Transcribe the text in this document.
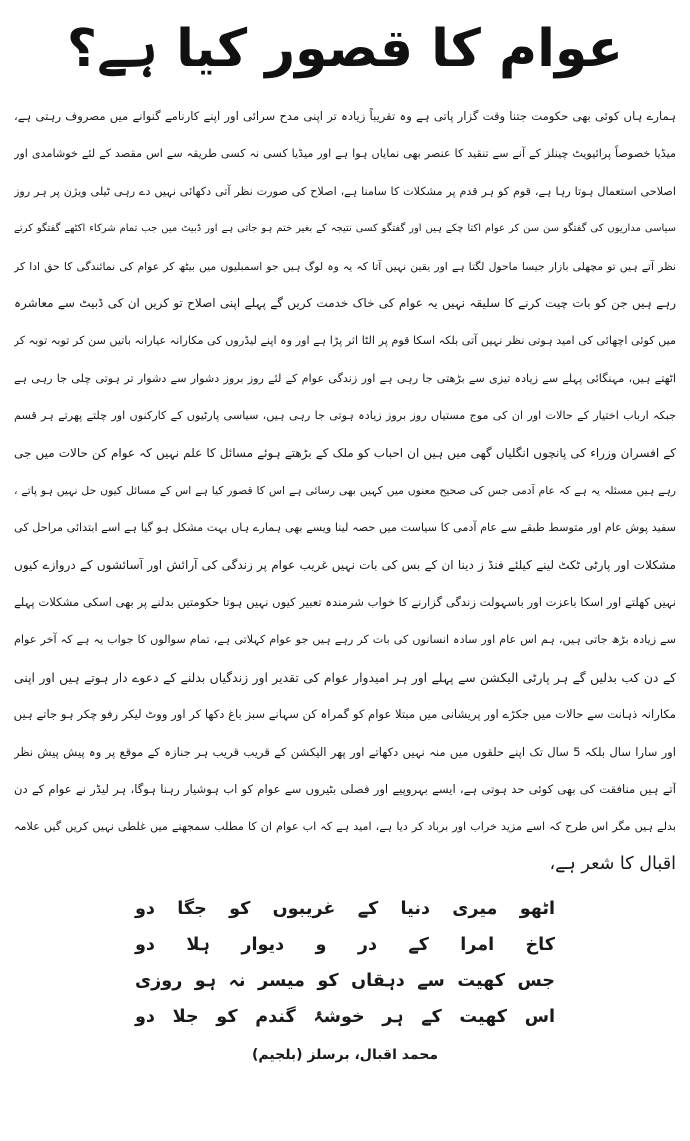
عوام کا قصور کیا ہے؟
ہمارے ہاں کوئی بھی حکومت جتنا وقت گزار پاتی ہے وہ تقریباً زیادہ تر اپنی مدح سرائی اور اپنے کارنامے گنوانے میں مصروف رہتی ہے،
میڈیا خصوصاً پرائیویٹ چینلز کے آنے سے تنقید کا عنصر بھی نمایاں ہوا ہے اور میڈیا کسی نہ کسی طریقہ سے اس مقصد کے لئے خوشامدی اور
اصلاحی استعمال ہوتا رہا ہے، قوم کو ہر قدم پر مشکلات کا سامنا ہے، اصلاح کی صورت نظر آتی دکھائی نہیں دے رہی ٹیلی ویژن پر ہر روز
سیاسی مداریوں کی گفتگو سن سن کر عوام اکتا چکے ہیں اور گفتگو کسی نتیجہ کے بغیر ختم ہو جاتی ہے اور ڈبیٹ میں جب تمام شرکاء اکٹھے گفتگو کرتے
نظر آتے ہیں تو مچھلی بازار جیسا ماحول لگتا ہے اور یقین نہیں آتا کہ یہ وہ لوگ ہیں جو اسمبلیوں میں بیٹھ کر عوام کی نمائندگی کا حق ادا کر
رہے ہیں جن کو بات چیت کرنے کا سلیقہ نہیں یہ عوام کی خاک خدمت کریں گے پہلے اپنی اصلاح تو کریں ان کی ڈبیٹ سے معاشرہ
میں کوئی اچھائی کی امید ہوتی نظر نہیں آتی بلکہ اسکا قوم پر الٹا اثر پڑا ہے اور وہ اپنے لیڈروں کی مکارانہ عیارانہ باتیں سن کر توبہ توبہ کر
اٹھتے ہیں، مہنگائی پہلے سے زیادہ تیزی سے بڑھتی جا رہی ہے اور زندگی عوام کے لئے روز بروز دشوار سے دشوار تر ہوتی چلی جا رہی ہے
جبکہ ارباب اختیار کے حالات اور ان کی موج مستیاں روز بروز زیادہ ہوتی جا رہی ہیں، سیاسی پارٹیوں کے کارکنوں اور چلتے پھرتے ہر قسم
کے افسران وزراء کی پانچوں انگلیاں گھی میں ہیں ان احباب کو ملک کے بڑھتے ہوئے مسائل کا علم نہیں کہ عوام کن حالات میں جی
رہے ہیں مسئلہ یہ ہے کہ عام آدمی جس کی صحیح معنوں میں کہیں بھی رسائی ہے اس کا قصور کیا ہے اس کے مسائل کیوں حل نہیں ہو پاتے ،
سفید پوش عام اور متوسط طبقے سے عام آدمی کا سیاست میں حصہ لینا ویسے بھی ہمارے ہاں بہت مشکل ہو گیا ہے اسے ابتدائی مراحل کی
مشکلات اور پارٹی ٹکٹ لینے کیلئے فنڈ ز دینا ان کے بس کی بات نہیں غریب عوام پر زندگی کی آرائش اور آسائشوں کے دروازے کیوں
نہیں کھلتے اور اسکا باعزت اور باسہولت زندگی گزارنے کا خواب شرمندہ تعبیر کیوں نہیں ہوتا حکومتیں بدلنے پر بھی اسکی مشکلات پہلے
سے زیادہ بڑھ جاتی ہیں، ہم اس عام اور سادہ انسانوں کی بات کر رہے ہیں جو عوام کہلاتی ہے، تمام سوالوں کا جواب یہ ہے کہ آخر عوام
کے دن کب بدلیں گے ہر پارٹی الیکشن سے پہلے اور ہر امیدوار عوام کی تقدیر اور زندگیاں بدلنے کے دعوے دار ہوتے ہیں اور اپنی
مکارانہ ذہانت سے حالات میں جکڑے اور پریشانی میں مبتلا عوام کو گمراہ کن سہانے سبز باغ دکھا کر اور ووٹ لیکر رفو چکر ہو جاتے ہیں
اور سارا سال بلکہ 5 سال تک اپنے حلقوں میں منہ نہیں دکھاتے اور پھر الیکشن کے قریب قریب ہر جنازہ کے موقع پر وہ پیش پیش نظر
آتے ہیں منافقت کی بھی کوئی حد ہوتی ہے، ایسے بہروپیے اور فصلی بٹیروں سے عوام کو اب ہوشیار رہنا ہوگا، ہر لیڈر نے عوام کے دن
بدلے ہیں مگر اس طرح کہ اسے مزید خراب اور برباد کر دیا ہے، امید ہے کہ اب عوام ان کا مطلب سمجھنے میں غلطی نہیں کریں گیں علامہ
اقبال کا شعر ہے،
اٹھو میری دنیا کے غریبوں کو جگا دو
کاخ امرا کے در و دیوار ہلا دو
جس کھیت سے دہقاں کو میسر نہ ہو روزی
اس کھیت کے ہر خوشۂ گندم کو جلا دو
محمد اقبال، برسلز (بلجیم)
